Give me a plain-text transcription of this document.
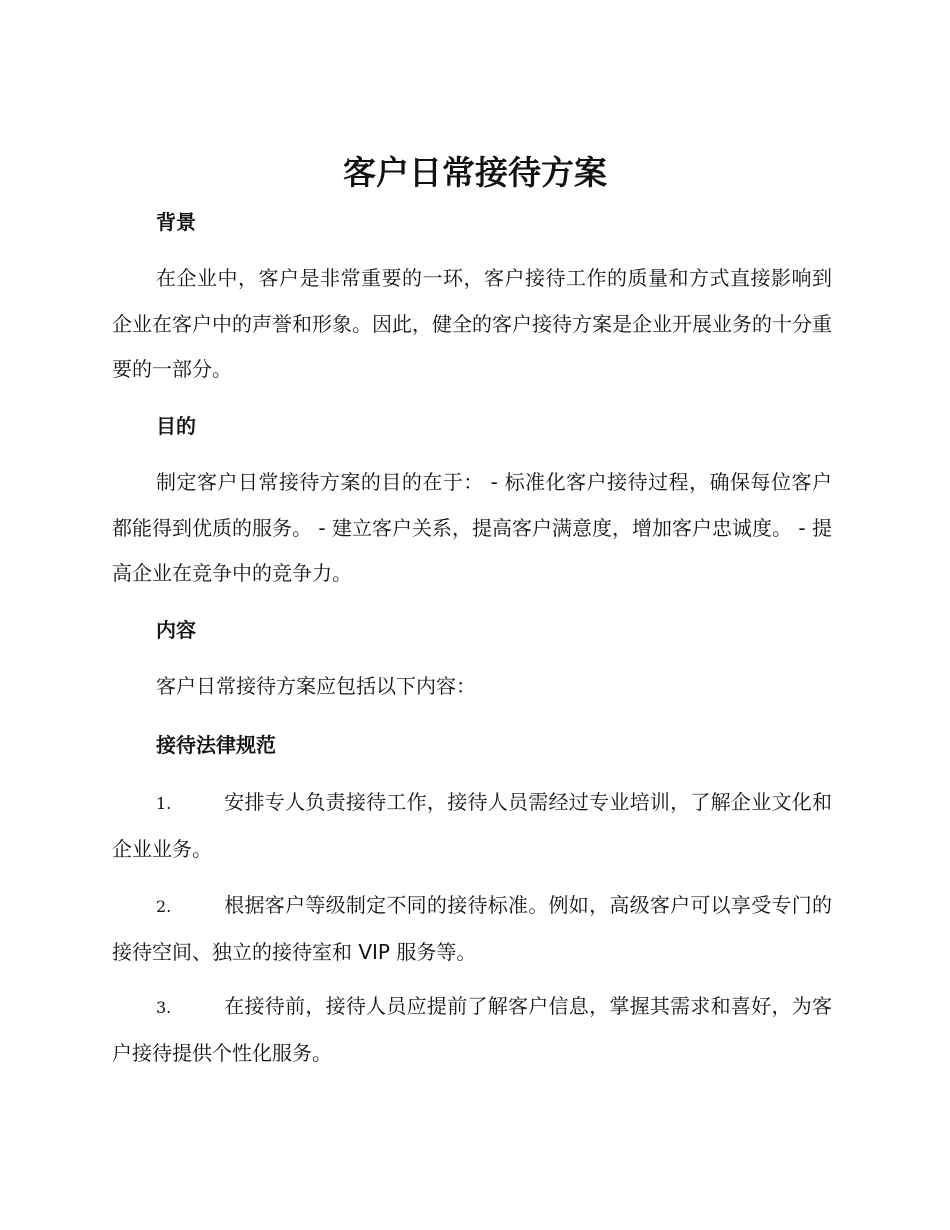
客户日常接待方案
背景

在企业中，客户是非常重要的一环，客户接待工作的质量和方式直接影响到企业在客户中的声誉和形象。因此，健全的客户接待方案是企业开展业务的十分重要的一部分。

目的

制定客户日常接待方案的目的在于： - 标准化客户接待过程，确保每位客户都能得到优质的服务。 - 建立客户关系，提高客户满意度，增加客户忠诚度。 - 提高企业在竞争中的竞争力。

内容

客户日常接待方案应包括以下内容：

接待法律规范

1.	安排专人负责接待工作，接待人员需经过专业培训，了解企业文化和企业业务。

2.	根据客户等级制定不同的接待标准。例如，高级客户可以享受专门的接待空间、独立的接待室和 VIP 服务等。

3.	在接待前，接待人员应提前了解客户信息，掌握其需求和喜好，为客户接待提供个性化服务。
